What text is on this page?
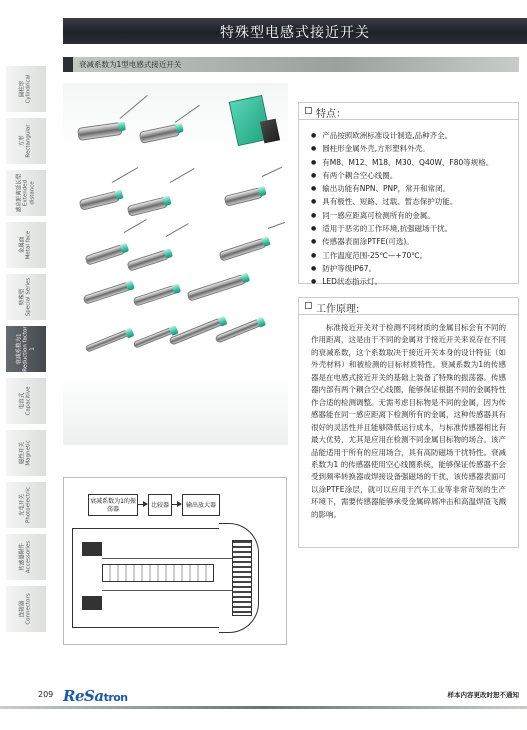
特殊型电感式接近开关
衰减系数为1型电感式接近开关
圆柱形 Cylindrical
方形 Rectangular
感应距离延长型 Extended distance
金属面 Metal face
特殊型 Special Series
衰减系数为1 Reduction factor 1
电容式 Capacitive
磁性开关 Magnetic
光电开关 Photoelectric
传感器附件 Accessories
连接器 Connectors
特点：
● 产品按照欧洲标准设计制造,品种齐全。
● 圆柱形金属外壳,方形塑料外壳。
● 有M8、M12、M18、M30、Q40W、F80等规格。
● 有两个耦合空心线圈。
● 输出功能有NPN、PNP，常开和常闭。
● 具有极性、短路、过载、暂态保护功能。
● 同一感应距离可检测所有的金属。
● 适用于恶劣的工作环境,抗强磁场干扰。
● 传感器表面涂PTFE(可选)。
● 工作温度范围-25℃—+70℃。
● 防护等级IP67。
● LED状态指示灯。
工作原理:
标准接近开关对于检测不同材质的金属目标会有不同的作用距离，这是由于不同的金属对于接近开关来说存在不同的衰减系数，这个系数取决于接近开关本身的设计特征（如外壳材料）和被检测的目标材质特性。衰减系数为1的传感器是在电感式接近开关的基础上装备了特殊的振荡器。传感器内部有两个耦合空心线圈，能够保证根据不同的金属特性作合适的检测调整。无需考虑目标物是不同的金属，因为传感器能在同一感应距离下检测所有的金属，这种传感器具有很好的灵活性并且能够降低运行成本，与标准传感器相比有最大优势，尤其是应用在检测不同金属目标物的场合。该产品能适用于所有的应用场合，具有高防磁场干扰特性。衰减系数为1 的传感器使用空心线圈系统，能够保证传感器不会受到频率转换器或焊接设备强磁场的干扰，该传感器表面可以涂PTFE涂层，就可以应用于汽车工业等非常苛刻的生产环境下，需要传感器能够承受金属碎屑冲击和高温焊渣飞溅的影响。
衰减系数为1的振荡器
比较器	输出放大器
209 ReSatron	样本内容更改时恕不通知
